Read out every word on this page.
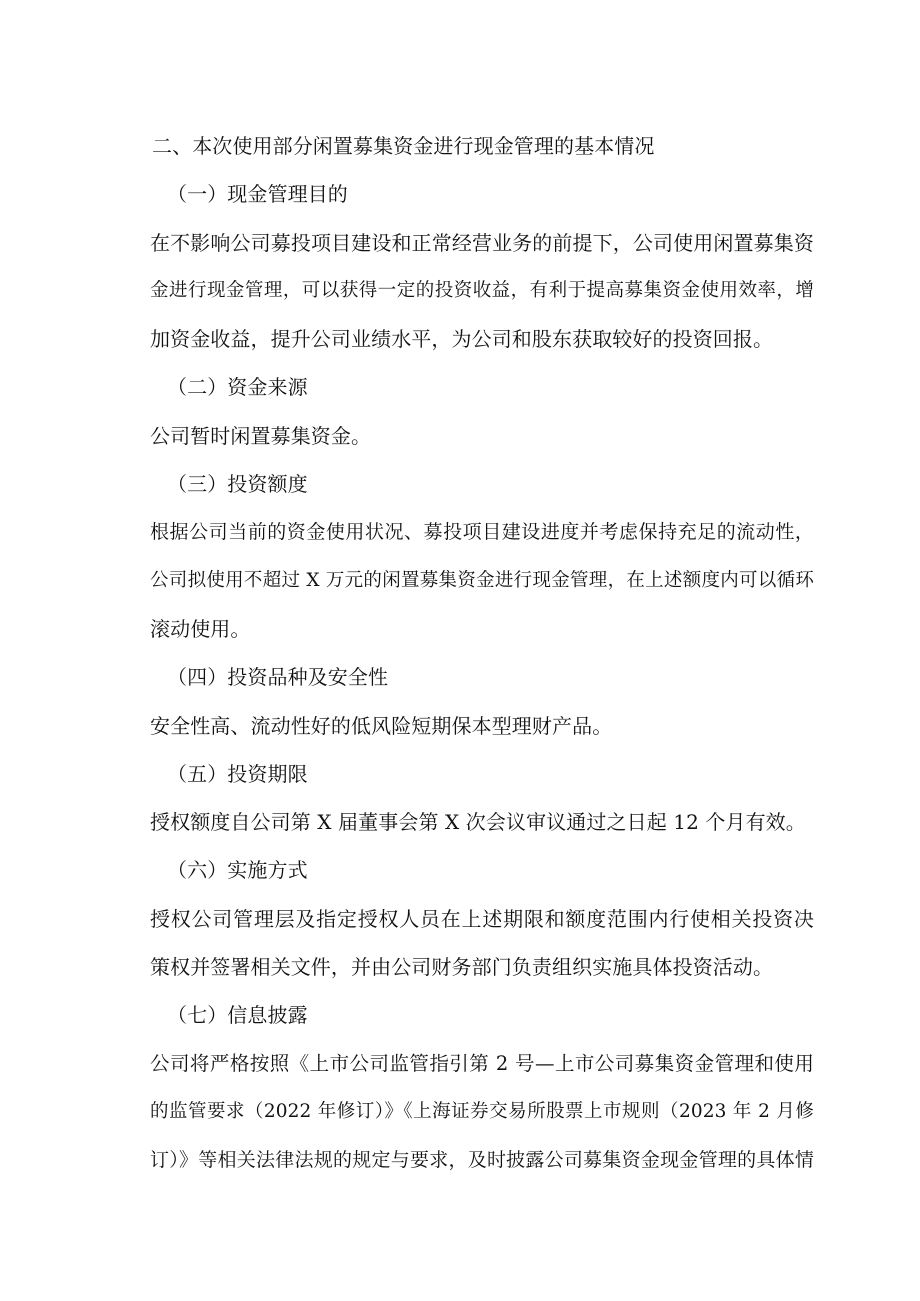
二、本次使用部分闲置募集资金进行现金管理的基本情况
（一）现金管理目的
在不影响公司募投项目建设和正常经营业务的前提下，公司使用闲置募集资
金进行现金管理，可以获得一定的投资收益，有利于提高募集资金使用效率，增
加资金收益，提升公司业绩水平，为公司和股东获取较好的投资回报。
（二）资金来源
公司暂时闲置募集资金。
（三）投资额度
根据公司当前的资金使用状况、募投项目建设进度并考虑保持充足的流动性，
公司拟使用不超过 X 万元的闲置募集资金进行现金管理，在上述额度内可以循环
滚动使用。
（四）投资品种及安全性
安全性高、流动性好的低风险短期保本型理财产品。
（五）投资期限
授权额度自公司第 X 届董事会第 X 次会议审议通过之日起 12 个月有效。
（六）实施方式
授权公司管理层及指定授权人员在上述期限和额度范围内行使相关投资决
策权并签署相关文件，并由公司财务部门负责组织实施具体投资活动。
（七）信息披露
公司将严格按照《上市公司监管指引第 2 号—上市公司募集资金管理和使用
的监管要求（2022 年修订）》《上海证券交易所股票上市规则（2023 年 2 月修
订）》等相关法律法规的规定与要求，及时披露公司募集资金现金管理的具体情
